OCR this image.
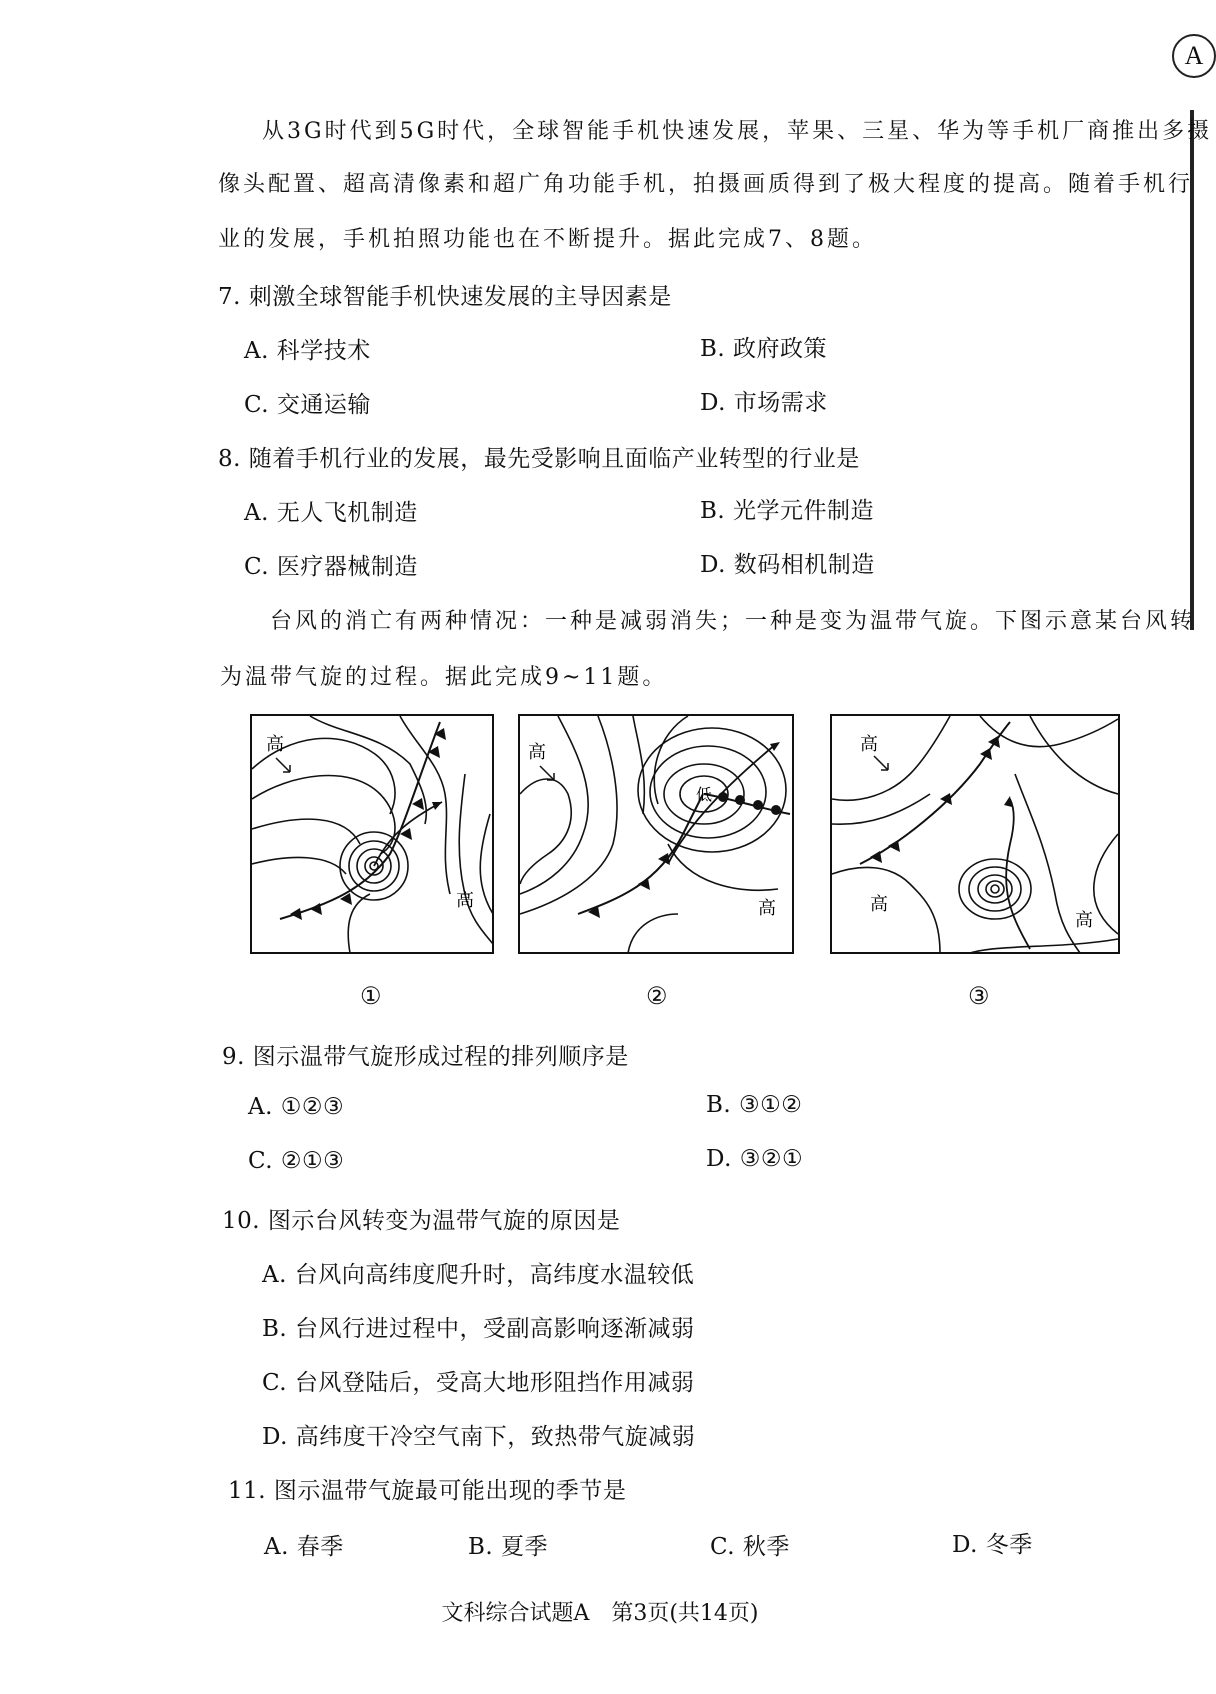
A
从3G时代到5G时代，全球智能手机快速发展，苹果、三星、华为等手机厂商推出多摄
像头配置、超高清像素和超广角功能手机，拍摄画质得到了极大程度的提高。随着手机行
业的发展，手机拍照功能也在不断提升。据此完成7、8题。
7. 刺激全球智能手机快速发展的主导因素是
A. 科学技术	B. 政府政策
C. 交通运输	D. 市场需求
8. 随着手机行业的发展，最先受影响且面临产业转型的行业是
A. 无人飞机制造	B. 光学元件制造
C. 医疗器械制造	D. 数码相机制造
台风的消亡有两种情况：一种是减弱消失；一种是变为温带气旋。下图示意某台风转
为温带气旋的过程。据此完成9~11题。
高
高
低
高
高
高
高
高
①	②	③
9. 图示温带气旋形成过程的排列顺序是
A. ①②③	B. ③①②
C. ②①③	D. ③②①
10. 图示台风转变为温带气旋的原因是
A. 台风向高纬度爬升时，高纬度水温较低
B. 台风行进过程中，受副高影响逐渐减弱
C. 台风登陆后，受高大地形阻挡作用减弱
D. 高纬度干冷空气南下，致热带气旋减弱
11. 图示温带气旋最可能出现的季节是
A. 春季	B. 夏季	C. 秋季	D. 冬季
文科综合试题A　第3页(共14页)
